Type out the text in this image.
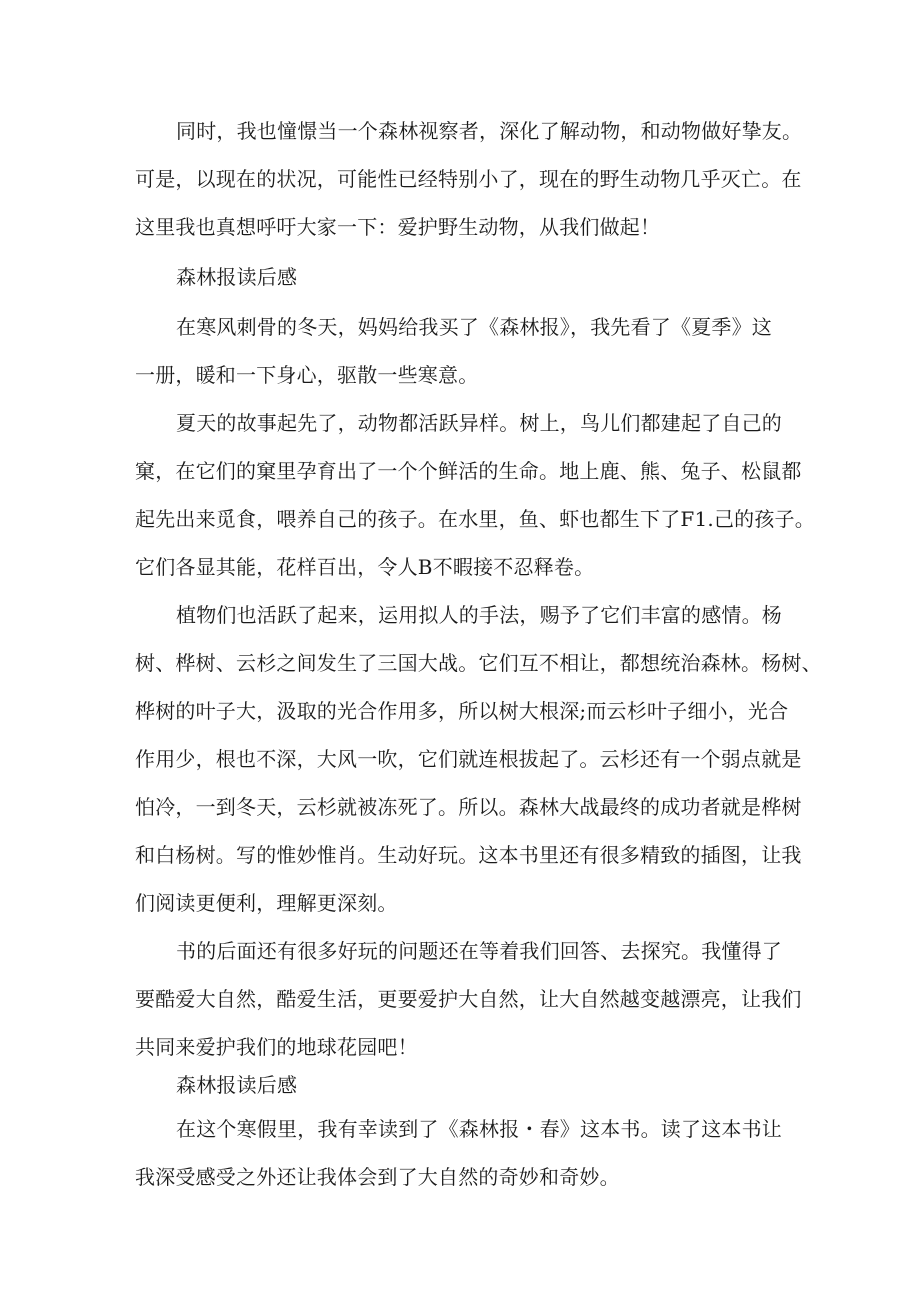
同时，我也憧憬当一个森林视察者，深化了解动物，和动物做好挚友。
可是，以现在的状况，可能性已经特别小了，现在的野生动物几乎灭亡。在
这里我也真想呼吁大家一下：爱护野生动物，从我们做起！
森林报读后感
在寒风刺骨的冬天，妈妈给我买了《森林报》，我先看了《夏季》这
一册，暖和一下身心，驱散一些寒意。
夏天的故事起先了，动物都活跃异样。树上，鸟儿们都建起了自己的
窠，在它们的窠里孕育出了一个个鲜活的生命。地上鹿、熊、兔子、松鼠都
起先出来觅食，喂养自己的孩子。在水里，鱼、虾也都生下了F1.己的孩子。
它们各显其能，花样百出，令人B不暇接不忍释卷。
植物们也活跃了起来，运用拟人的手法，赐予了它们丰富的感情。杨
树、桦树、云杉之间发生了三国大战。它们互不相让，都想统治森林。杨树、
桦树的叶子大，汲取的光合作用多，所以树大根深;而云杉叶子细小，光合
作用少，根也不深，大风一吹，它们就连根拔起了。云杉还有一个弱点就是
怕冷，一到冬天，云杉就被冻死了。所以。森林大战最终的成功者就是桦树
和白杨树。写的惟妙惟肖。生动好玩。这本书里还有很多精致的插图，让我
们阅读更便利，理解更深刻。
书的后面还有很多好玩的问题还在等着我们回答、去探究。我懂得了
要酷爱大自然，酷爱生活，更要爱护大自然，让大自然越变越漂亮，让我们
共同来爱护我们的地球花园吧！
森林报读后感
在这个寒假里，我有幸读到了《森林报・春》这本书。读了这本书让
我深受感受之外还让我体会到了大自然的奇妙和奇妙。
